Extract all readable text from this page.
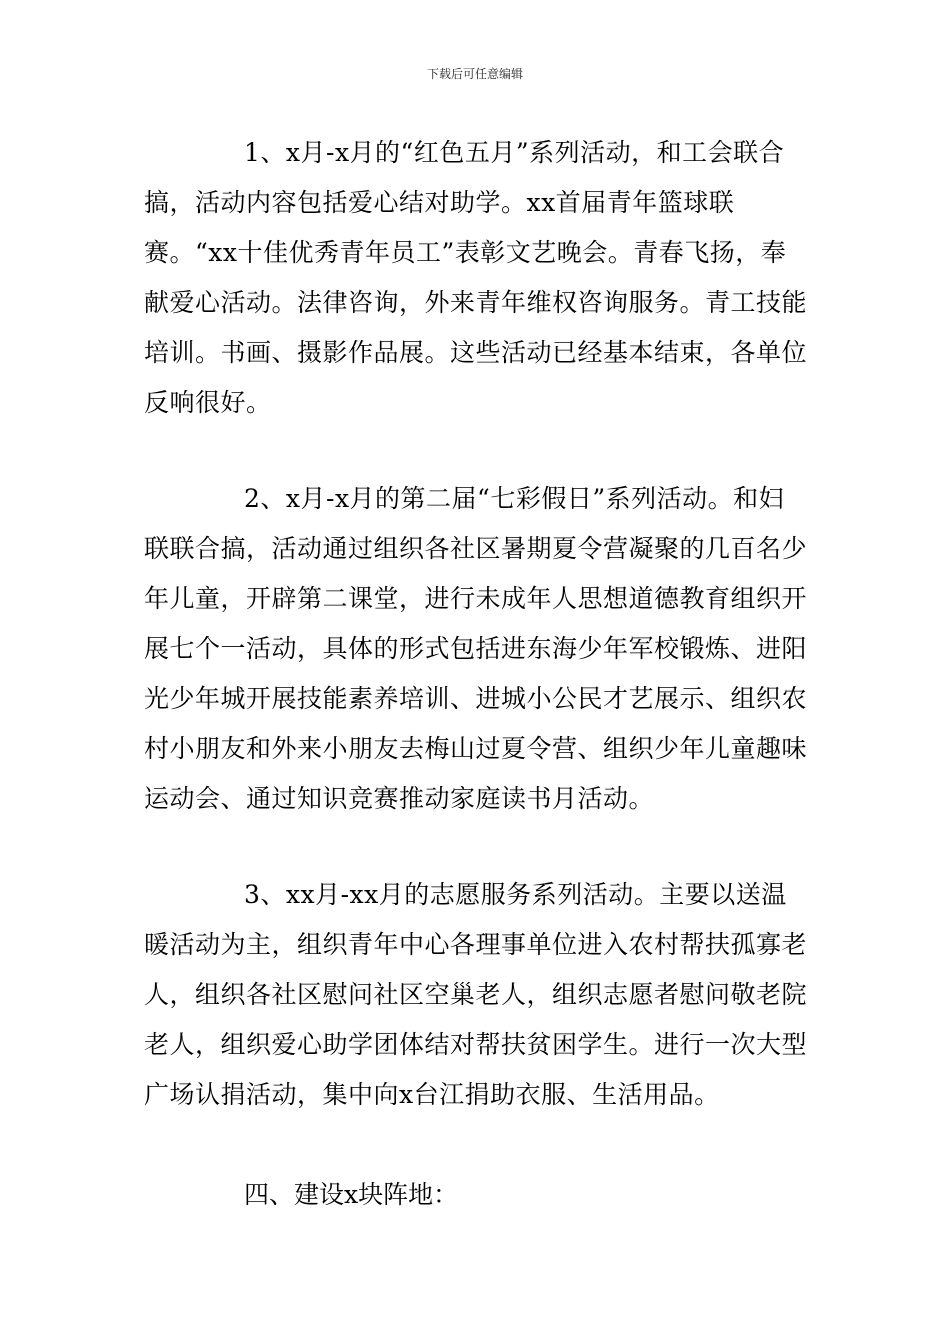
下载后可任意编辑

1、x月-x月的“红色五月”系列活动，和工会联合搞，活动内容包括爱心结对助学。xx首届青年篮球联赛。“xx十佳优秀青年员工”表彰文艺晚会。青春飞扬，奉献爱心活动。法律咨询，外来青年维权咨询服务。青工技能培训。书画、摄影作品展。这些活动已经基本结束，各单位反响很好。

2、x月-x月的第二届“七彩假日”系列活动。和妇联联合搞，活动通过组织各社区暑期夏令营凝聚的几百名少年儿童，开辟第二课堂，进行未成年人思想道德教育组织开展七个一活动，具体的形式包括进东海少年军校锻炼、进阳光少年城开展技能素养培训、进城小公民才艺展示、组织农村小朋友和外来小朋友去梅山过夏令营、组织少年儿童趣味运动会、通过知识竞赛推动家庭读书月活动。

3、xx月-xx月的志愿服务系列活动。主要以送温暖活动为主，组织青年中心各理事单位进入农村帮扶孤寡老人，组织各社区慰问社区空巢老人，组织志愿者慰问敬老院老人，组织爱心助学团体结对帮扶贫困学生。进行一次大型广场认捐活动，集中向x台江捐助衣服、生活用品。

四、建设x块阵地：
